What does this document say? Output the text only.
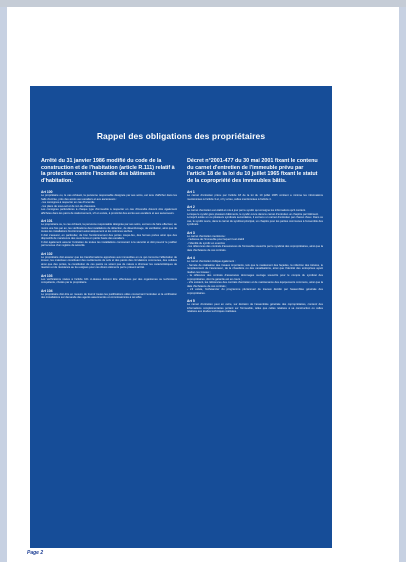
Page 2
Rappel des obligations des propriétaires

Arrêté du 31 janvier 1986 modifié du code de la construction et de l'habitation (article R.111) relatif à la protection contre l'incendie des bâtiments d'habitation.

Art 100

Le propriétaire ou, le cas échéant, la personne responsable désignée par ses soins, est tenu d'afficher dans les halls d'entrée, près des accès aux escaliers et aux ascenseurs :

- les consignes à respecter en cas d'incendie

- les plans de sous-sol et de rez-de-chaussée.

Les consignes particulières à chaque type d'immeuble à respecter en cas d'incendie doivent être également affichées dans les parcs de stationnement, s'il en existe, à proximité des accès aux escaliers et aux ascenseurs.

Art 101

Le propriétaire ou, le cas échéant, la personne responsable désignée par ses soins, est tenu de faire effectuer, au moins une fois par an, les vérifications des installations de détection, de désenfumage, de ventilation, ainsi que de toutes les installations fonctionnant automatiquement et les colonnes sèches.

Il doit s'assurer, en particulier, de bon fonctionnement des portes coupe-feu, des fermes portes ainsi que des dispositifs de manœuvre des ouvertures en partie haute des escaliers.

Il doit également assurer l'entretien de toutes les installations concourant à la sécurité et doit pouvoir le justifier par la tenue d'un registre de sécurité.

Art 102

Le propriétaire doit assurer que les transformations apportées aux immeubles en ce qui concerne l'affectation de locaux, les matériaux constituant des revêtements de sols et des parois des circulations communes, des cellules ainsi que des portes, la constitution de ces parois ne soient pas de nature à diminuer les caractéristiques de réaction et de résistance au feu exigées pour ces divers éléments par le présent arrêté.

Art 103

Les vérifications visées à l'article 101 ci-dessus doivent être effectuées par des organismes ou techniciens compétents, choisis par le propriétaire.

Art 104

Le propriétaire doit être en mesure de fournir toutes les justifications utiles concernant l'entretien et la vérification des installations sur demande des agents assermentés et commissionnés à cet effet.

Décret n°2001-477 du 30 mai 2001 fixant le contenu du carnet d'entretien de l'immeuble prévu par l'article 18 de la loi du 10 juillet 1965 fixant le statut de la copropriété des immeubles bâtis.

Art 1

Le carnet d'entretien prévu par l'article 18 de la loi du 10 juillet 1965 contient a minima les informations mentionnées à l'article 3 et, s'il y a lieu, celles mentionnées à l'article 4.

Art 2

Le carnet d'entretien est établi et mis à jour par le syndic qui consigne les informations qu'il contient.

Lorsque le syndic gère plusieurs bâtiments, le syndic ouvre dans le carnet d'entretien un chapitre par bâtiment.

Lorsqu'il existe un ou plusieurs syndicats secondaires, il est tenu un carnet d'entretien par chacun d'eux. Dans ce cas, le syndic ouvre, dans le carnet du syndicat principal, un chapitre pour les parties communes à l'ensemble des syndicats.

Art 3

Le carnet d'entretien mentionne :

- l'adresse de l'immeuble pour lequel il est établi

- l'identité du syndic en exercice

- les références des contrats d'assurances de l'immeuble souscrits par le syndicat des copropriétaires, ainsi que la date d'échéance de ces contrats.

Art 4

Le carnet d'entretien indique également :

- l'année de réalisation des travaux importants, tels que le ravalement des façades, la réfection des toitures, le remplacement de l'ascenseur, de la chaudière ou des canalisations, ainsi que l'identité des entreprises ayant réalisé ces travaux ;

- la référence des contrats d'assurance dommages ouvrage souscrits pour le compte du syndicat des copropriétaires, dont la garantie est en cours ;

- s'ils existent, les références des contrats d'entretien et de maintenance des équipements communs, ainsi que la date d'échéance de ces contrats ;

- s'il existe, l'échéancier du programme pluriannuel de travaux décidé par l'assemblée générale des copropriétaires.

Art 5

Le carnet d'entretien peut en outre, sur décision de l'assemblée générale des copropriétaires, contenir des informations complémentaires portant sur l'immeuble, telles que celles relatives à sa construction ou celles relatives aux études techniques réalisées.
